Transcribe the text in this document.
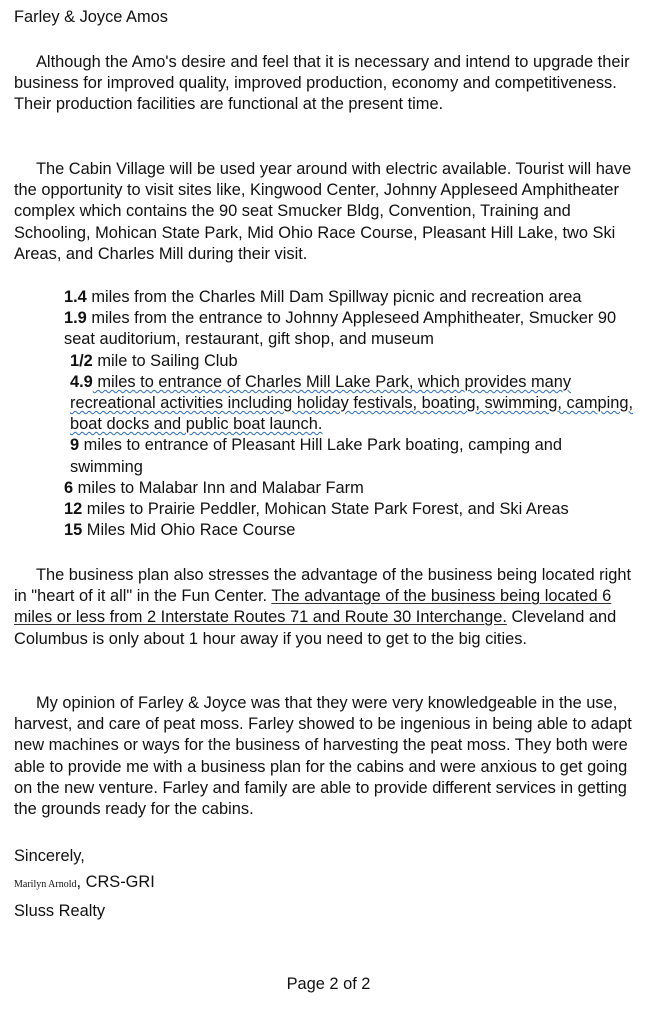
Farley & Joyce Amos
Although the Amo's desire and feel that it is necessary and intend to upgrade their business for improved quality, improved production, economy and competitiveness. Their production facilities are functional at the present time.
The Cabin Village will be used year around with electric available. Tourist will have the opportunity to visit sites like, Kingwood Center, Johnny Appleseed Amphitheater complex which contains the 90 seat Smucker Bldg, Convention, Training and Schooling, Mohican State Park, Mid Ohio Race Course, Pleasant Hill Lake, two Ski Areas, and Charles Mill during their visit.
1.4 miles from the Charles Mill Dam Spillway picnic and recreation area
1.9 miles from the entrance to Johnny Appleseed Amphitheater, Smucker 90 seat auditorium, restaurant, gift shop, and museum
1/2 mile to Sailing Club
4.9 miles to entrance of Charles Mill Lake Park, which provides many recreational activities including holiday festivals, boating, swimming, camping, boat docks and public boat launch.
9 miles to entrance of Pleasant Hill Lake Park boating, camping and swimming
6 miles to Malabar Inn and Malabar Farm
12 miles to Prairie Peddler, Mohican State Park Forest, and Ski Areas
15 Miles Mid Ohio Race Course
The business plan also stresses the advantage of the business being located right in "heart of it all" in the Fun Center. The advantage of the business being located 6 miles or less from 2 Interstate Routes 71 and Route 30 Interchange. Cleveland and Columbus is only about 1 hour away if you need to get to the big cities.
My opinion of Farley & Joyce was that they were very knowledgeable in the use, harvest, and care of peat moss. Farley showed to be ingenious in being able to adapt new machines or ways for the business of harvesting the peat moss. They both were able to provide me with a business plan for the cabins and were anxious to get going on the new venture. Farley and family are able to provide different services in getting the grounds ready for the cabins.
Sincerely,
Marilyn Arnold, CRS-GRI
Sluss Realty
Page 2 of 2
